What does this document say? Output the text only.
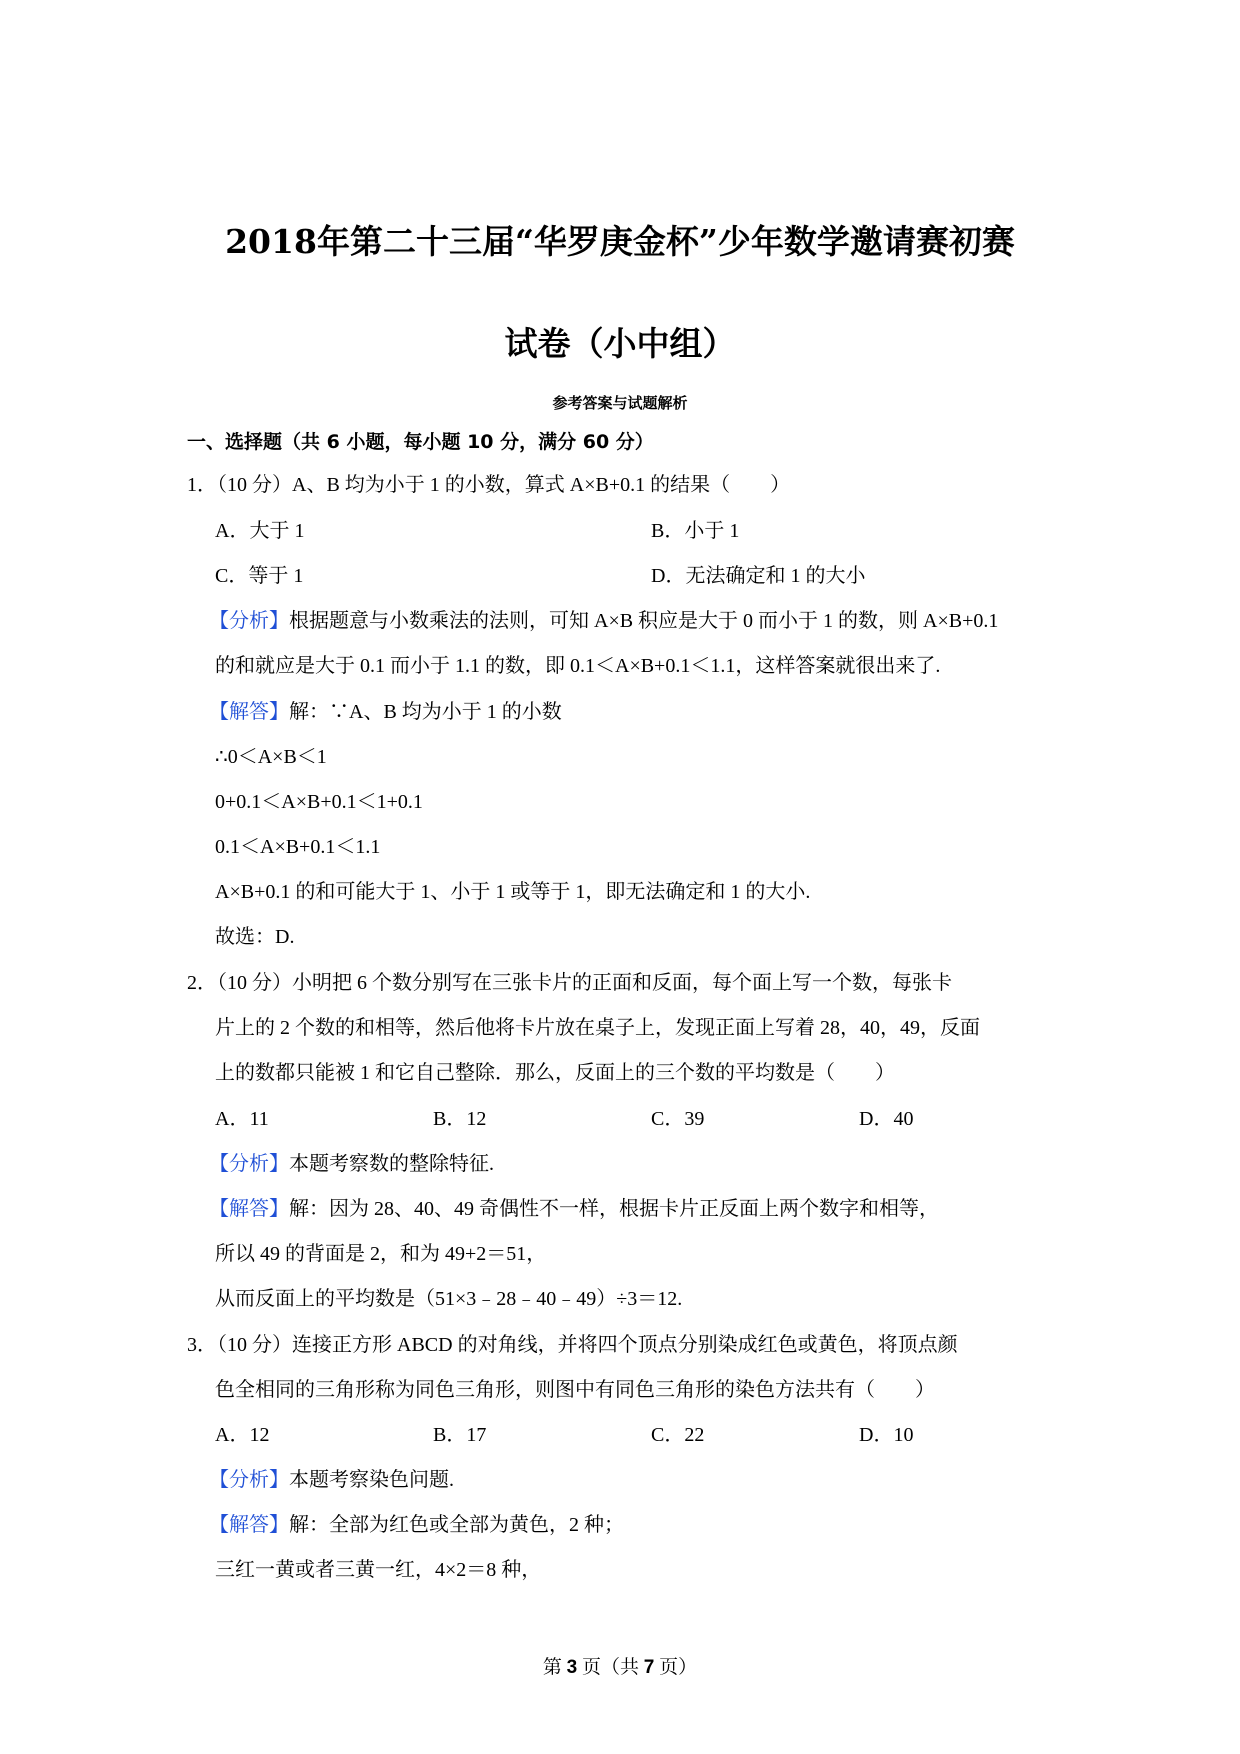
2018年第二十三届“华罗庚金杯”少年数学邀请赛初赛
试卷（小中组）
参考答案与试题解析
一、选择题（共 6 小题，每小题 10 分，满分 60 分）
1．（10 分）A、B 均为小于 1 的小数，算式 A×B+0.1 的结果（　　）
A．大于 1	B．小于 1
C．等于 1	D．无法确定和 1 的大小
【分析】根据题意与小数乘法的法则，可知 A×B 积应是大于 0 而小于 1 的数，则 A×B+0.1
的和就应是大于 0.1 而小于 1.1 的数，即 0.1＜A×B+0.1＜1.1，这样答案就很出来了.
【解答】解：∵A、B 均为小于 1 的小数
∴0＜A×B＜1
0+0.1＜A×B+0.1＜1+0.1
0.1＜A×B+0.1＜1.1
A×B+0.1 的和可能大于 1、小于 1 或等于 1，即无法确定和 1 的大小.
故选：D.
2．（10 分）小明把 6 个数分别写在三张卡片的正面和反面，每个面上写一个数，每张卡
片上的 2 个数的和相等，然后他将卡片放在桌子上，发现正面上写着 28，40，49，反面
上的数都只能被 1 和它自己整除．那么，反面上的三个数的平均数是（　　）
A．11	B．12	C．39	D．40
【分析】本题考察数的整除特征.
【解答】解：因为 28、40、49 奇偶性不一样，根据卡片正反面上两个数字和相等，
所以 49 的背面是 2，和为 49+2＝51，
从而反面上的平均数是（51×3﹣28﹣40﹣49）÷3＝12.
3．（10 分）连接正方形 ABCD 的对角线，并将四个顶点分别染成红色或黄色，将顶点颜
色全相同的三角形称为同色三角形，则图中有同色三角形的染色方法共有（　　）
A．12	B．17	C．22	D．10
【分析】本题考察染色问题.
【解答】解：全部为红色或全部为黄色，2 种；
三红一黄或者三黄一红，4×2＝8 种，
第 3 页（共 7 页）
